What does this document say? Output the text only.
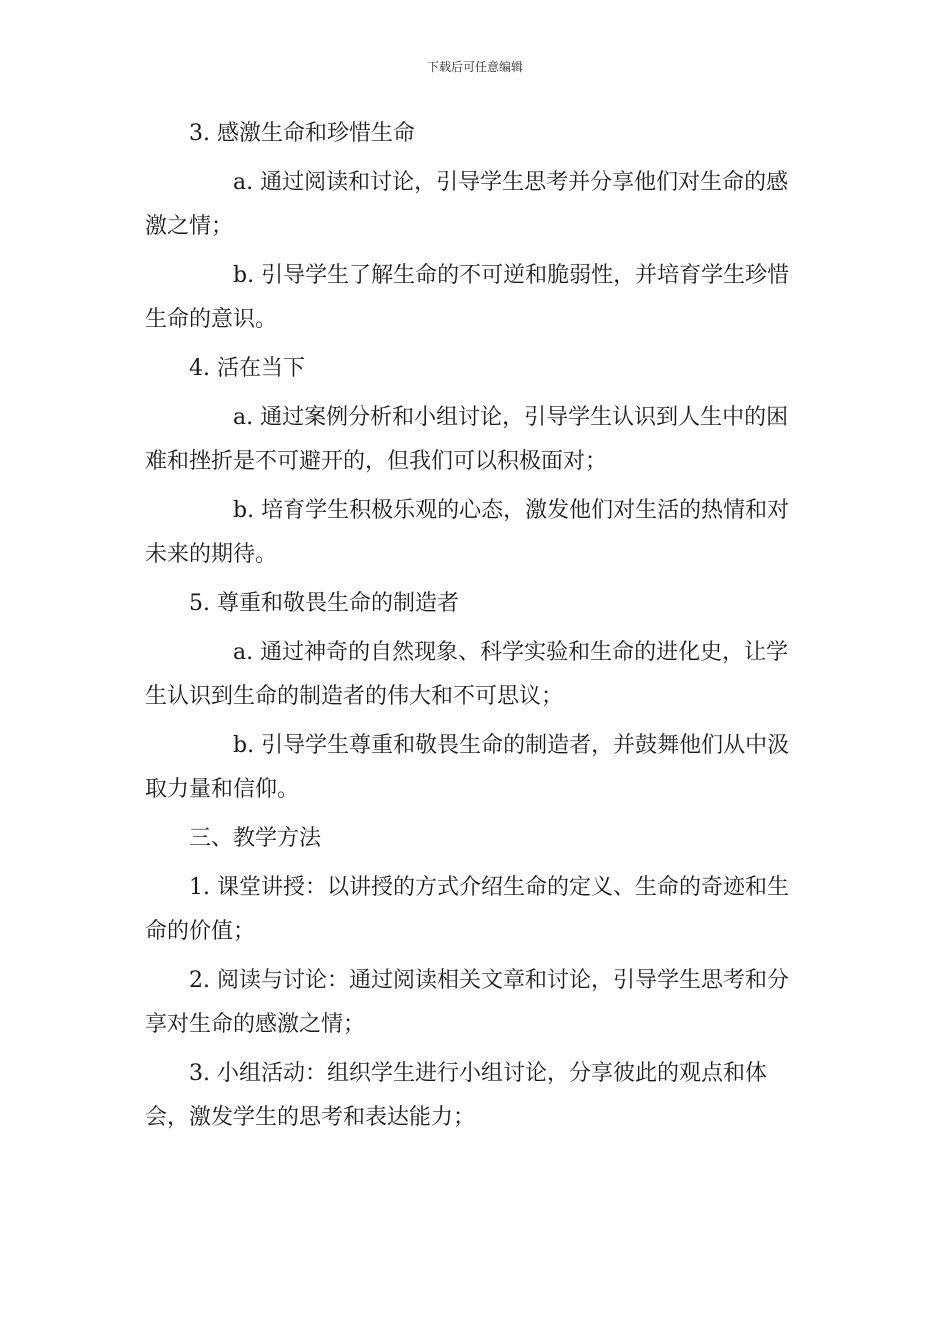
下载后可任意编辑

3. 感激生命和珍惜生命

a. 通过阅读和讨论，引导学生思考并分享他们对生命的感激之情；

b. 引导学生了解生命的不可逆和脆弱性，并培育学生珍惜生命的意识。

4. 活在当下

a. 通过案例分析和小组讨论，引导学生认识到人生中的困难和挫折是不可避开的，但我们可以积极面对；

b. 培育学生积极乐观的心态，激发他们对生活的热情和对未来的期待。

5. 尊重和敬畏生命的制造者

a. 通过神奇的自然现象、科学实验和生命的进化史，让学生认识到生命的制造者的伟大和不可思议；

b. 引导学生尊重和敬畏生命的制造者，并鼓舞他们从中汲取力量和信仰。

三、教学方法

1. 课堂讲授：以讲授的方式介绍生命的定义、生命的奇迹和生命的价值；

2. 阅读与讨论：通过阅读相关文章和讨论，引导学生思考和分享对生命的感激之情；

3. 小组活动：组织学生进行小组讨论，分享彼此的观点和体会，激发学生的思考和表达能力；
